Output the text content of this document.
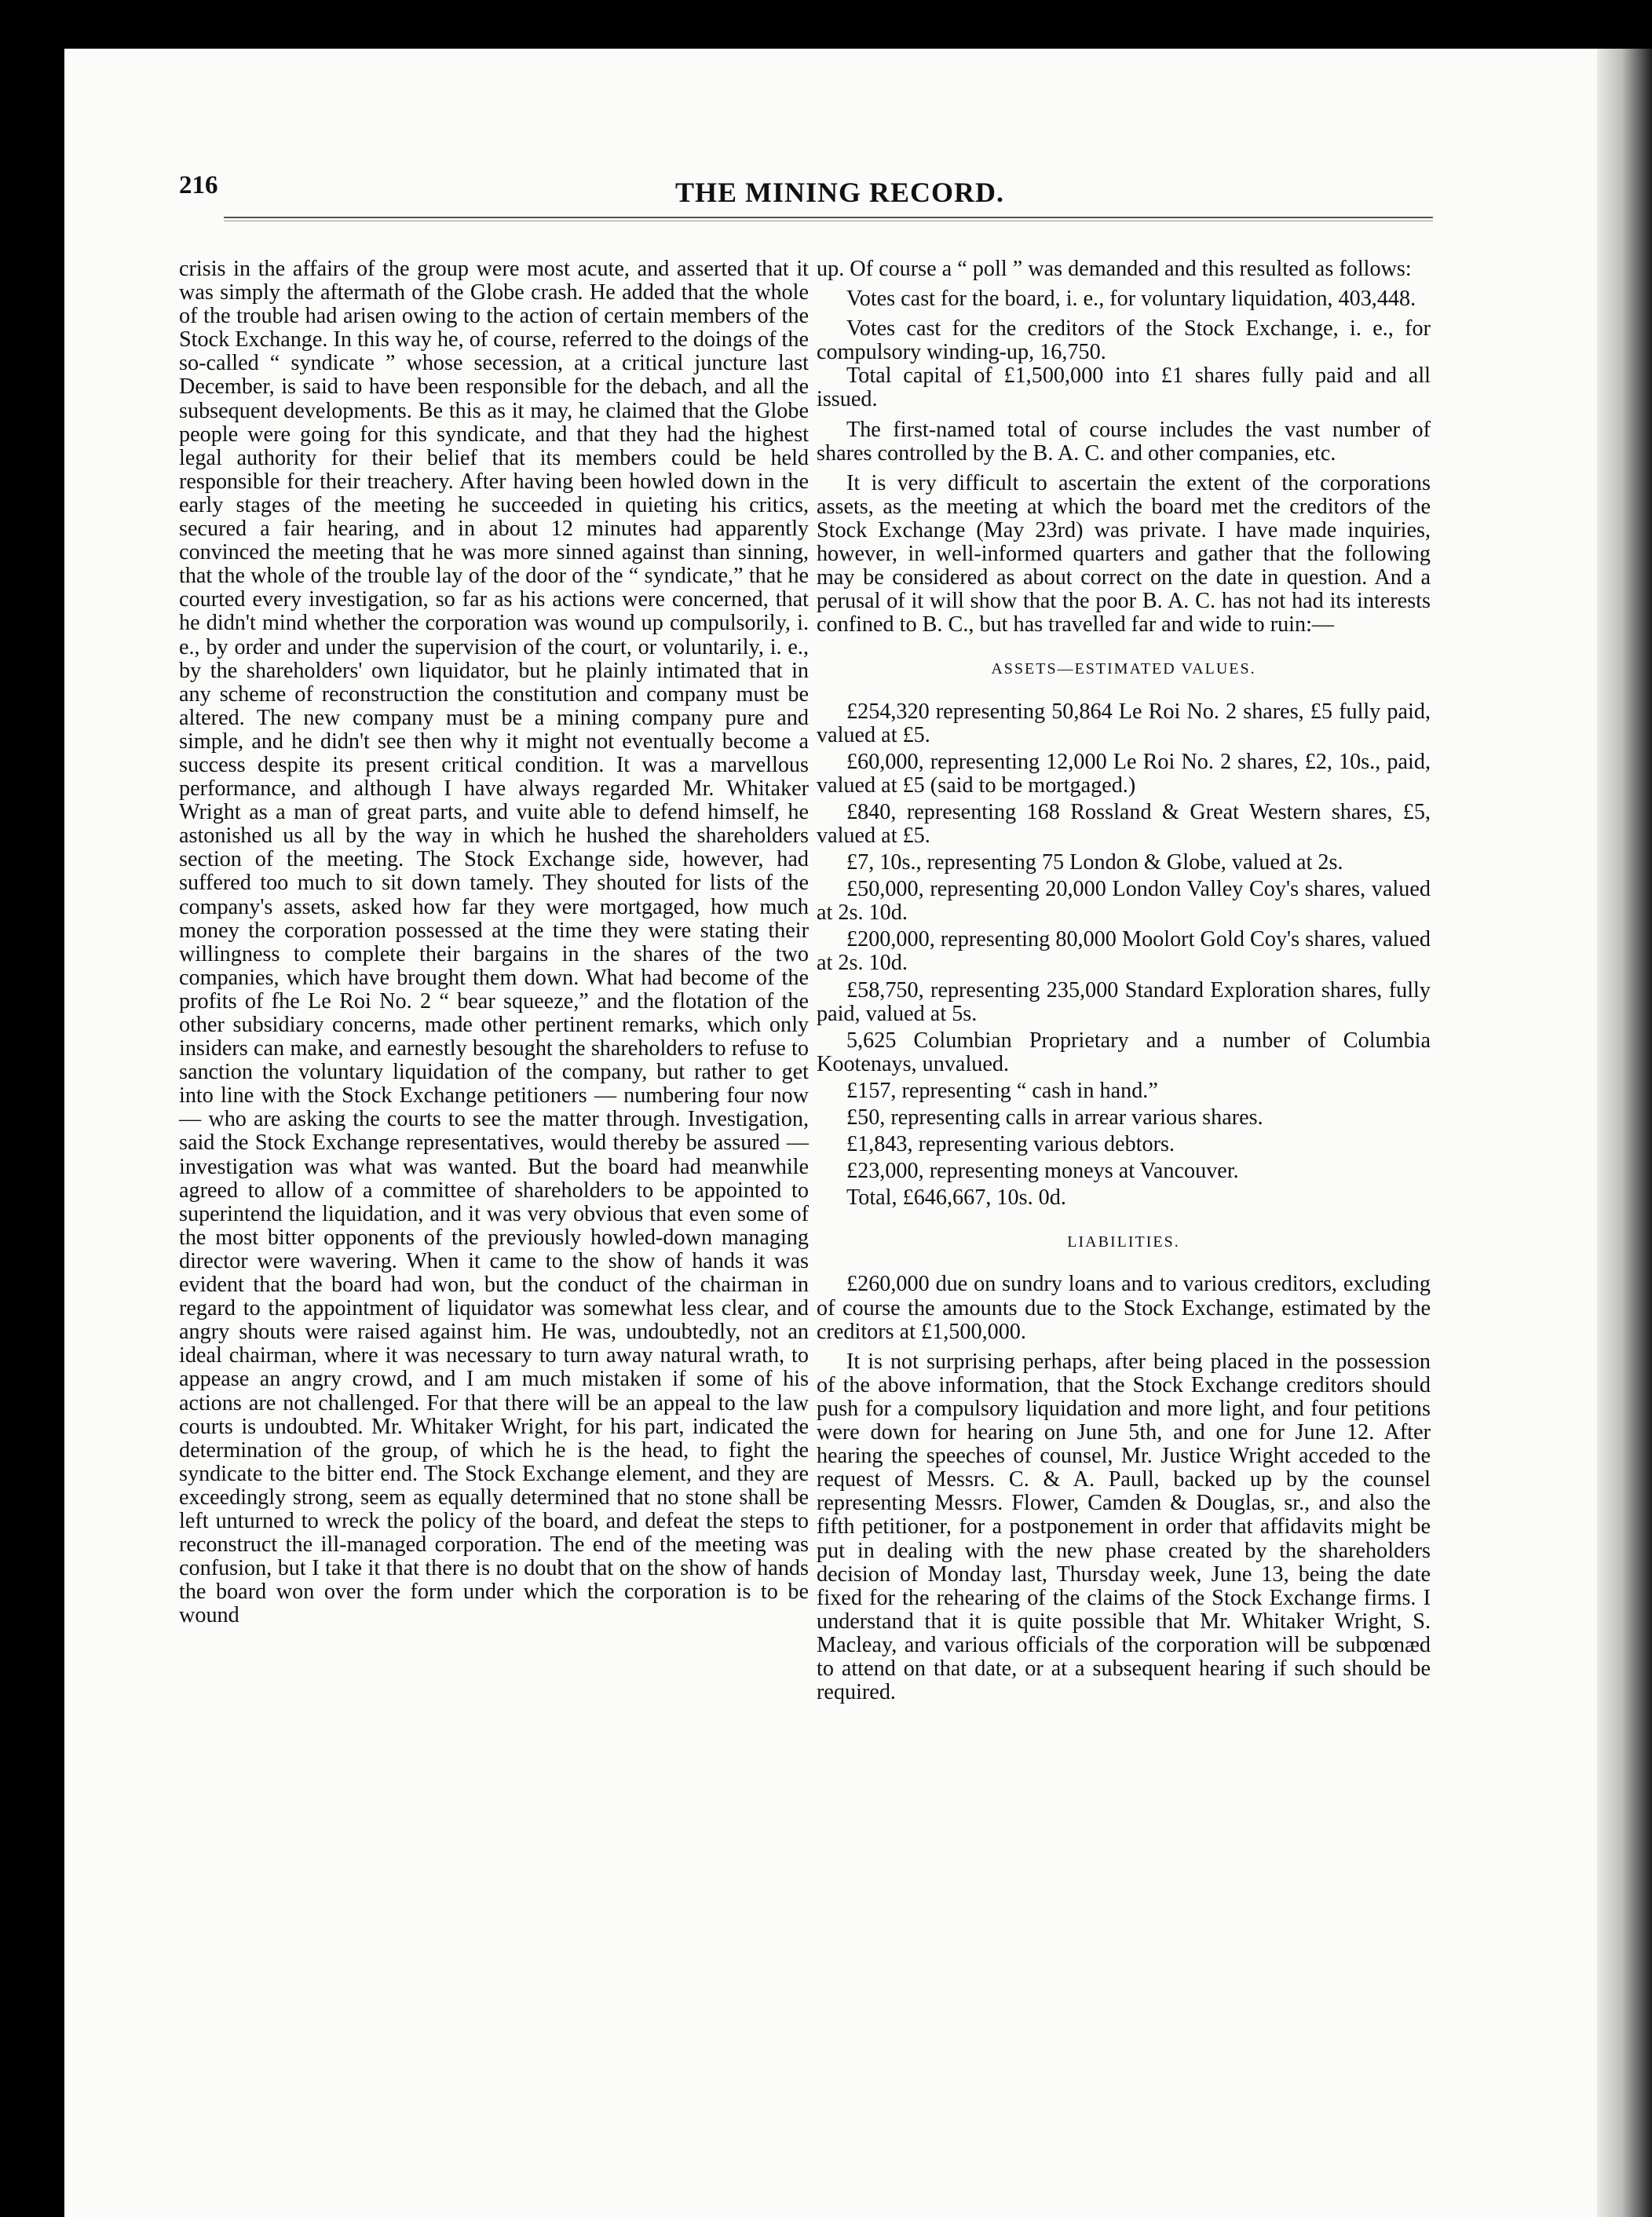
216	THE MINING RECORD.

crisis in the affairs of the group were most acute, and asserted that it was simply the aftermath of the Globe crash. He added that the whole of the trouble had arisen owing to the action of certain members of the Stock Exchange. In this way he, of course, referred to the doings of the so-called “ syndicate ” whose secession, at a critical juncture last December, is said to have been responsible for the debach, and all the subsequent developments. Be this as it may, he claimed that the Globe people were going for this syndicate, and that they had the highest legal authority for their belief that its members could be held responsible for their treachery. After having been howled down in the early stages of the meeting he succeeded in quieting his critics, secured a fair hearing, and in about 12 minutes had apparently convinced the meeting that he was more sinned against than sinning, that the whole of the trouble lay of the door of the “ syndicate,” that he courted every investigation, so far as his actions were concerned, that he didn't mind whether the corporation was wound up compulsorily, i. e., by order and under the supervision of the court, or voluntarily, i. e., by the shareholders' own liquidator, but he plainly intimated that in any scheme of reconstruction the constitution and company must be altered. The new company must be a mining company pure and simple, and he didn't see then why it might not eventually become a success despite its present critical condition. It was a marvellous performance, and although I have always regarded Mr. Whitaker Wright as a man of great parts, and vuite able to defend himself, he astonished us all by the way in which he hushed the shareholders section of the meeting. The Stock Exchange side, however, had suffered too much to sit down tamely. They shouted for lists of the company's assets, asked how far they were mortgaged, how much money the corporation possessed at the time they were stating their willingness to complete their bargains in the shares of the two companies, which have brought them down. What had become of the profits of fhe Le Roi No. 2 “ bear squeeze,” and the flotation of the other subsidiary concerns, made other pertinent remarks, which only insiders can make, and earnestly besought the shareholders to refuse to sanction the voluntary liquidation of the company, but rather to get into line with the Stock Exchange petitioners — numbering four now — who are asking the courts to see the matter through. Investigation, said the Stock Exchange representatives, would thereby be assured — investigation was what was wanted. But the board had meanwhile agreed to allow of a committee of shareholders to be appointed to superintend the liquidation, and it was very obvious that even some of the most bitter opponents of the previously howled-down managing director were wavering. When it came to the show of hands it was evident that the board had won, but the conduct of the chairman in regard to the appointment of liquidator was somewhat less clear, and angry shouts were raised against him. He was, undoubtedly, not an ideal chairman, where it was necessary to turn away natural wrath, to appease an angry crowd, and I am much mistaken if some of his actions are not challenged. For that there will be an appeal to the law courts is undoubted. Mr. Whitaker Wright, for his part, indicated the determination of the group, of which he is the head, to fight the syndicate to the bitter end. The Stock Exchange element, and they are exceedingly strong, seem as equally determined that no stone shall be left unturned to wreck the policy of the board, and defeat the steps to reconstruct the ill-managed corporation. The end of the meeting was confusion, but I take it that there is no doubt that on the show of hands the board won over the form under which the corporation is to be wound

up. Of course a “ poll ” was demanded and this resulted as follows:

Votes cast for the board, i. e., for voluntary liquidation, 403,448.

Votes cast for the creditors of the Stock Exchange, i. e., for compulsory winding-up, 16,750.

Total capital of £1,500,000 into £1 shares fully paid and all issued.

The first-named total of course includes the vast number of shares controlled by the B. A. C. and other companies, etc.

It is very difficult to ascertain the extent of the corporations assets, as the meeting at which the board met the creditors of the Stock Exchange (May 23rd) was private. I have made inquiries, however, in well-informed quarters and gather that the following may be considered as about correct on the date in question. And a perusal of it will show that the poor B. A. C. has not had its interests confined to B. C., but has travelled far and wide to ruin:—

ASSETS—ESTIMATED VALUES.

£254,320 representing 50,864 Le Roi No. 2 shares, £5 fully paid, valued at £5.

£60,000, representing 12,000 Le Roi No. 2 shares, £2, 10s., paid, valued at £5 (said to be mortgaged.)

£840, representing 168 Rossland & Great Western shares, £5, valued at £5.

£7, 10s., representing 75 London & Globe, valued at 2s.

£50,000, representing 20,000 London Valley Coy's shares, valued at 2s. 10d.

£200,000, representing 80,000 Moolort Gold Coy's shares, valued at 2s. 10d.

£58,750, representing 235,000 Standard Exploration shares, fully paid, valued at 5s.

5,625 Columbian Proprietary and a number of Columbia Kootenays, unvalued.

£157, representing “ cash in hand.”

£50, representing calls in arrear various shares.

£1,843, representing various debtors.

£23,000, representing moneys at Vancouver.

Total, £646,667, 10s. 0d.

LIABILITIES.

£260,000 due on sundry loans and to various creditors, excluding of course the amounts due to the Stock Exchange, estimated by the creditors at £1,500,000.

It is not surprising perhaps, after being placed in the possession of the above information, that the Stock Exchange creditors should push for a compulsory liquidation and more light, and four petitions were down for hearing on June 5th, and one for June 12. After hearing the speeches of counsel, Mr. Justice Wright acceded to the request of Messrs. C. & A. Paull, backed up by the counsel representing Messrs. Flower, Camden & Douglas, sr., and also the fifth petitioner, for a postponement in order that affidavits might be put in dealing with the new phase created by the shareholders decision of Monday last, Thursday week, June 13, being the date fixed for the rehearing of the claims of the Stock Exchange firms. I understand that it is quite possible that Mr. Whitaker Wright, S. Macleay, and various officials of the corporation will be subpœnæd to attend on that date, or at a subsequent hearing if such should be required.
